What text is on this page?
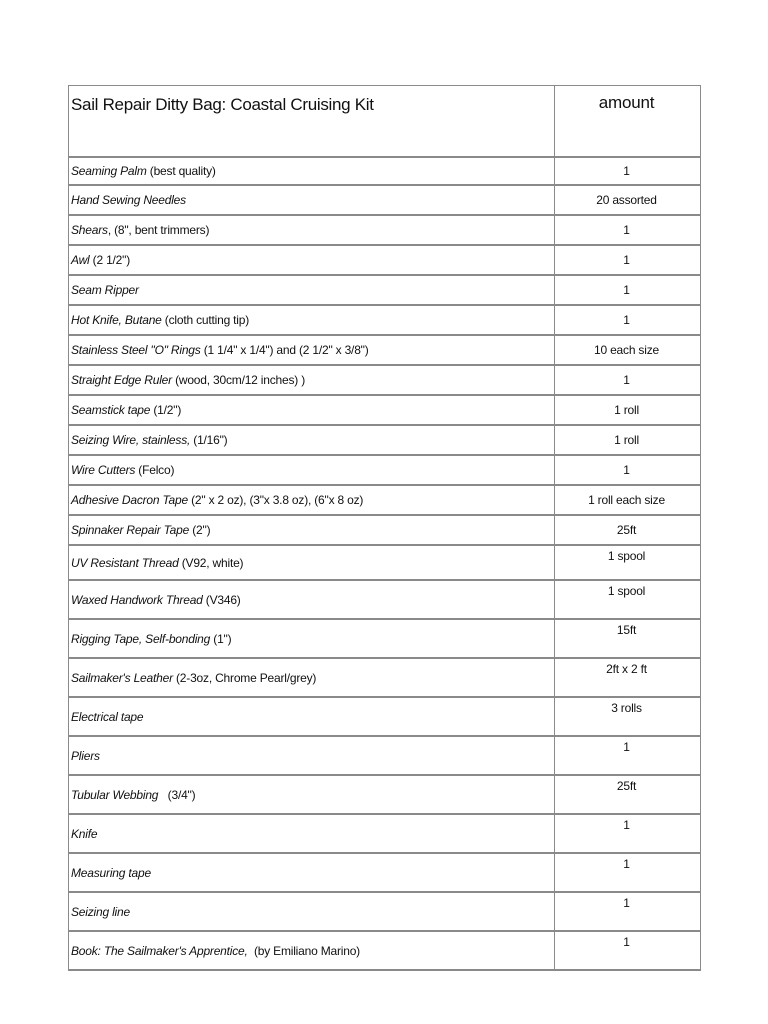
Sail Repair Ditty Bag: Coastal Cruising Kit	amount
Seaming Palm (best quality)	1
Hand Sewing Needles	20 assorted
Shears, (8", bent trimmers)	1
Awl (2 1/2")	1
Seam Ripper	1
Hot Knife, Butane (cloth cutting tip)	1
Stainless Steel "O" Rings (1 1/4" x 1/4") and (2 1/2" x 3/8")	10 each size
Straight Edge Ruler (wood, 30cm/12 inches) )	1
Seamstick tape (1/2")	1 roll
Seizing Wire, stainless, (1/16")	1 roll
Wire Cutters (Felco)	1
Adhesive Dacron Tape (2" x 2 oz), (3"x 3.8 oz), (6"x 8 oz)	1 roll each size
Spinnaker Repair Tape (2")	25ft
UV Resistant Thread (V92, white)	1 spool
Waxed Handwork Thread (V346)	1 spool
Rigging Tape, Self-bonding (1")	15ft
Sailmaker's Leather (2-3oz, Chrome Pearl/grey)	2ft x 2 ft
Electrical tape	3 rolls
Pliers	1
Tubular Webbing   (3/4")	25ft
Knife	1
Measuring tape	1
Seizing line	1
Book: The Sailmaker's Apprentice,  (by Emiliano Marino)	1
